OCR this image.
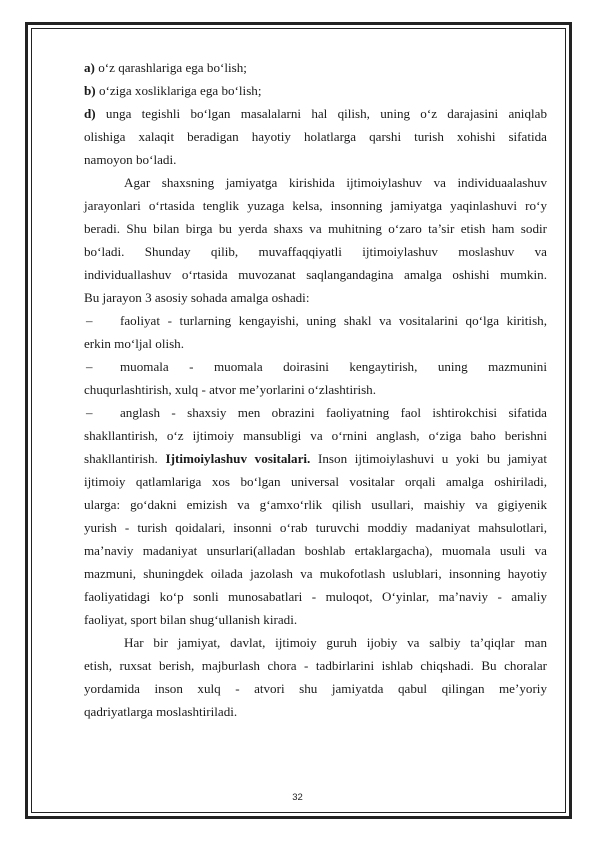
a) o‘z qarashlariga ega bo‘lish;
b) o‘ziga xosliklariga ega bo‘lish;
d) unga tegishli bo‘lgan masalalarni hal qilish, uning o‘z darajasini aniqlab
olishiga xalaqit beradigan hayotiy holatlarga qarshi turish xohishi sifatida
namoyon bo‘ladi.
Agar shaxsning jamiyatga kirishida ijtimoiylashuv va individuaalashuv
jarayonlari o‘rtasida tenglik yuzaga kelsa, insonning jamiyatga yaqinlashuvi ro‘y
beradi. Shu bilan birga bu yerda shaxs va muhitning o‘zaro ta’sir etish ham sodir
bo‘ladi. Shunday qilib, muvaffaqqiyatli ijtimoiylashuv moslashuv va
individuallashuv o‘rtasida muvozanat saqlangandagina amalga oshishi mumkin.
Bu jarayon 3 asosiy sohada amalga oshadi:
– faoliyat - turlarning kengayishi, uning shakl va vositalarini qo‘lga kiritish,
erkin mo‘ljal olish.
– muomala - muomala doirasini kengaytirish, uning mazmunini
chuqurlashtirish, xulq - atvor me’yorlarini o‘zlashtirish.
– anglash - shaxsiy men obrazini faoliyatning faol ishtirokchisi sifatida
shakllantirish, o‘z ijtimoiy mansubligi va o‘rnini anglash, o‘ziga baho berishni
shakllantirish. Ijtimoiylashuv vositalari. Inson ijtimoiylashuvi u yoki bu jamiyat
ijtimoiy qatlamlariga xos bo‘lgan universal vositalar orqali amalga oshiriladi,
ularga: go‘dakni emizish va g‘amxo‘rlik qilish usullari, maishiy va gigiyenik
yurish - turish qoidalari, insonni o‘rab turuvchi moddiy madaniyat mahsulotlari,
ma’naviy madaniyat unsurlari(alladan boshlab ertaklargacha), muomala usuli va
mazmuni, shuningdek oilada jazolash va mukofotlash uslublari, insonning hayotiy
faoliyatidagi ko‘p sonli munosabatlari - muloqot, O‘yinlar, ma’naviy - amaliy
faoliyat, sport bilan shug‘ullanish kiradi.
Har bir jamiyat, davlat, ijtimoiy guruh ijobiy va salbiy ta’qiqlar man
etish, ruxsat berish, majburlash chora - tadbirlarini ishlab chiqshadi. Bu choralar
yordamida inson xulq - atvori shu jamiyatda qabul qilingan me’yoriy
qadriyatlarga moslashtiriladi.
32
